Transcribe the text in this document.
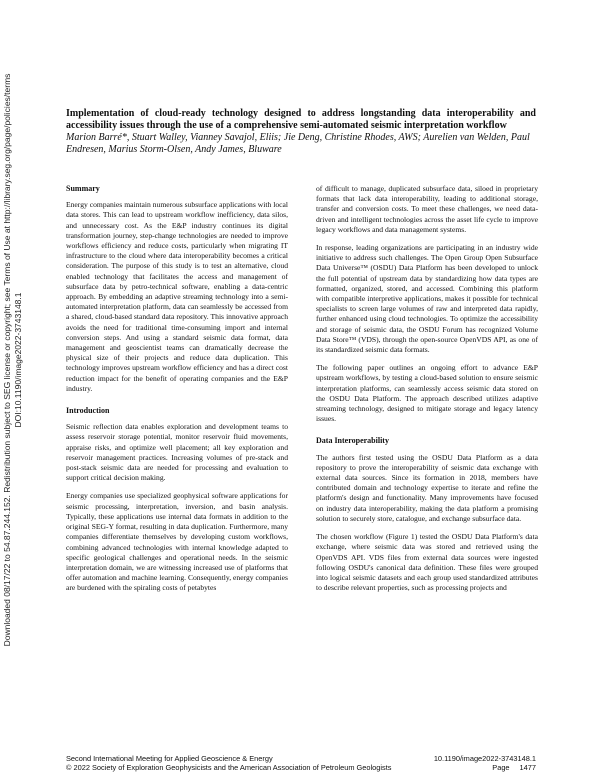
Downloaded 08/17/22 to 54.87.244.152. Redistribution subject to SEG license or copyright; see Terms of Use at http://library.seg.org/page/policies/terms DOI:10.1190/image2022-3743148.1

Implementation of cloud-ready technology designed to address longstanding data interoperability and accessibility issues through the use of a comprehensive semi-automated seismic interpretation workflow

Marion Barré*, Stuart Walley, Vianney Savajol, Eliis; Jie Deng, Christine Rhodes, AWS; Aurelien van Welden, Paul Endresen, Marius Storm-Olsen, Andy James, Bluware

Summary

Energy companies maintain numerous subsurface applications with local data stores. This can lead to upstream workflow inefficiency, data silos, and unnecessary cost. As the E&P industry continues its digital transformation journey, step-change technologies are needed to improve workflows efficiency and reduce costs, particularly when migrating IT infrastructure to the cloud where data interoperability becomes a critical consideration. The purpose of this study is to test an alternative, cloud enabled technology that facilitates the access and management of subsurface data by petro-technical software, enabling a data-centric approach. By embedding an adaptive streaming technology into a semi-automated interpretation platform, data can seamlessly be accessed from a shared, cloud-based standard data repository. This innovative approach avoids the need for traditional time-consuming import and internal conversion steps. And using a standard seismic data format, data management and geoscientist teams can dramatically decrease the physical size of their projects and reduce data duplication. This technology improves upstream workflow efficiency and has a direct cost reduction impact for the benefit of operating companies and the E&P industry.

Introduction

Seismic reflection data enables exploration and development teams to assess reservoir storage potential, monitor reservoir fluid movements, appraise risks, and optimize well placement; all key exploration and reservoir management practices. Increasing volumes of pre-stack and post-stack seismic data are needed for processing and evaluation to support critical decision making.

Energy companies use specialized geophysical software applications for seismic processing, interpretation, inversion, and basin analysis. Typically, these applications use internal data formats in addition to the original SEG-Y format, resulting in data duplication. Furthermore, many companies differentiate themselves by developing custom workflows, combining advanced technologies with internal knowledge adapted to specific geological challenges and operational needs. In the seismic interpretation domain, we are witnessing increased use of platforms that offer automation and machine learning. Consequently, energy companies are burdened with the spiraling costs of petabytes

of difficult to manage, duplicated subsurface data, siloed in proprietary formats that lack data interoperability, leading to additional storage, transfer and conversion costs. To meet these challenges, we need data-driven and intelligent technologies across the asset life cycle to improve legacy workflows and data management systems.

In response, leading organizations are participating in an industry wide initiative to address such challenges. The Open Group Open Subsurface Data Universe™ (OSDU) Data Platform has been developed to unlock the full potential of upstream data by standardizing how data types are formatted, organized, stored, and accessed. Combining this platform with compatible interpretive applications, makes it possible for technical specialists to screen large volumes of raw and interpreted data rapidly, further enhanced using cloud technologies. To optimize the accessibility and storage of seismic data, the OSDU Forum has recognized Volume Data Store™ (VDS), through the open-source OpenVDS API, as one of its standardized seismic data formats.

The following paper outlines an ongoing effort to advance E&P upstream workflows, by testing a cloud-based solution to ensure seismic interpretation platforms, can seamlessly access seismic data stored on the OSDU Data Platform. The approach described utilizes adaptive streaming technology, designed to mitigate storage and legacy latency issues.

Data Interoperability

The authors first tested using the OSDU Data Platform as a data repository to prove the interoperability of seismic data exchange with external data sources. Since its formation in 2018, members have contributed domain and technology expertise to iterate and refine the platform's design and functionality. Many improvements have focused on industry data interoperability, making the data platform a promising solution to securely store, catalogue, and exchange subsurface data.

The chosen workflow (Figure 1) tested the OSDU Data Platform's data exchange, where seismic data was stored and retrieved using the OpenVDS API. VDS files from external data sources were ingested following OSDU's canonical data definition. These files were grouped into logical seismic datasets and each group used standardized attributes to describe relevant properties, such as processing projects and

Second International Meeting for Applied Geoscience & Energy	10.1190/image2022-3743148.1
© 2022 Society of Exploration Geophysicists and the American Association of Petroleum Geologists	Page 1477
